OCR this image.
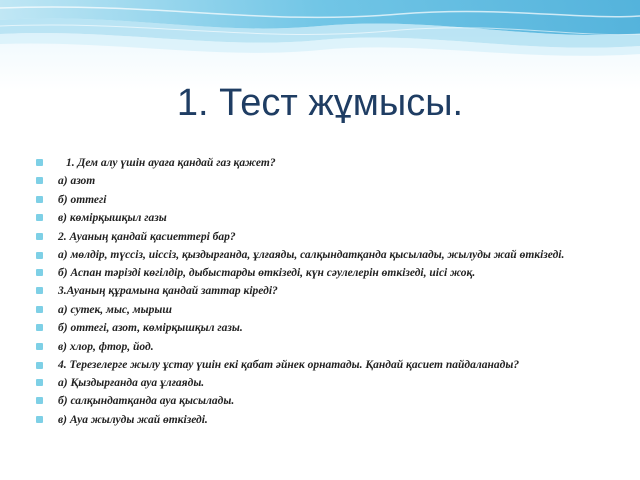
1. Тест жұмысы.
1. Дем алу үшін ауаға қандай газ қажет?
а) азот
б) оттегі
в) көмірқышқыл газы
2. Ауаның қандай қасиеттері бар?
а) мөлдір, түссіз, иіссіз, қыздырғанда, ұлғаяды, салқындатқанда қысылады, жылуды жай өткізеді.
б) Аспан тәрізді көгілдір, дыбыстарды өткізеді, күн сәулелерін өткізеді, иісі жоқ.
3.Ауаның құрамына қандай заттар кіреді?
а) сутек, мыс, мырыш
б) оттегі, азот, көмірқышқыл газы.
в) хлор, фтор, йод.
4. Терезелерге жылу ұстау үшін екі қабат әйнек орнатады. Қандай қасиет пайдаланады?
а) Қыздырғанда ауа ұлғаяды.
б) салқындатқанда ауа қысылады.
в) Ауа жылуды жай өткізеді.
